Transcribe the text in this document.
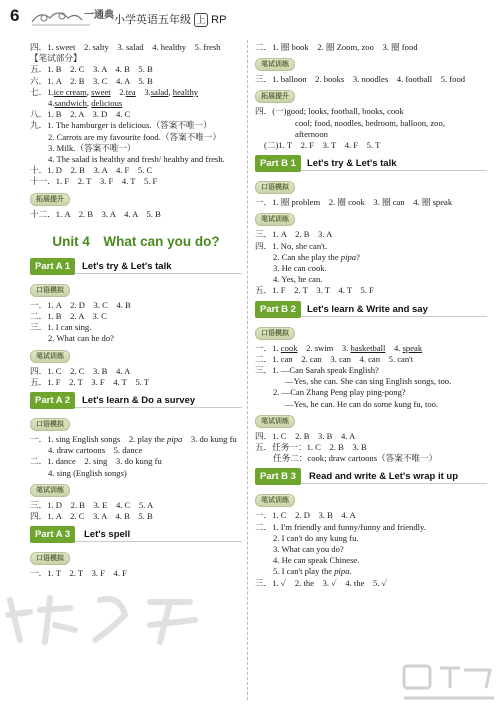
6	一通典 小学英语五年级 上 RP

四．1. sweet　2. salty　3. salad　4. healthy　5. fresh

【笔试部分】

五．1. B　2. C　3. A　4. B　5. B

六．1. A　2. B　3. C　4. A　5. B

七．1.ice cream, sweet　2.tea　3.salad, healthy

4.sandwich, delicious

八．1. B　2. A　3. D　4. C

九．1. The hamburger is delicious.（答案不唯一）

2. Carrots are my favourite food.（答案不唯一）

3. Milk.（答案不唯一）

4. The salad is healthy and fresh/ healthy and fresh.

十．1. D　2. B　3. A　4. F　5. C

十一．1. F　2. T　3. F　4. T　5. F

拓展提升

十二．1. A　2. B　3. A　4. A　5. B

Unit 4　What can you do?
Part A 1	Let's try & Let's talk
口语模拟

一．1. A　2. D　3. C　4. B

二．1. B　2. A　3. C

三．1. I can sing.

2. What can he do?

笔试训练

四．1. C　2. C　3. B　4. A

五．1. F　2. T　3. F　4. T　5. T

Part A 2	Let's learn & Do a survey
口语模拟

一．1. sing English songs　2. play the pipa　3. do kung fu

4. draw cartoons　5. dance

二．1. dance　2. sing　3. do kung fu

4. sing (English songs)

笔试训练

三．1. D　2. B　3. E　4. C　5. A

四．1. A　2. C　3. A　4. B　5. B

Part A 3	Let's spell
口语模拟

一．1. T　2. T　3. F　4. F

二．1. 圈 book　2. 圈 Zoom, zoo　3. 圈 food

笔试训练

三．1. balloon　2. books　3. noodles　4. football　5. food

拓展提升

四．(一)good; looks, football, books, cook

cool; food, noodles, bedroom, balloon, zoo,

afternoon

(二)1. T　2. F　3. T　4. F　5. T

Part B 1	Let's try & Let's talk
口语模拟

一．1. 圈 problem　2. 圈 cook　3. 圈 can　4. 圈 speak

笔试训练

三．1. A　2. B　3. A

四．1. No, she can't.

2. Can she play the pipa?

3. He can cook.

4. Yes, he can.

五．1. F　2. T　3. T　4. T　5. F

Part B 2	Let's learn & Write and say
口语模拟

一．1. cook　2. swim　3. basketball　4. speak

二．1. can　2. can　3. can　4. can　5. can't

三．1. —Can Sarah speak English?

—Yes, she can. She can sing English songs, too.

2. —Can Zhang Peng play ping-pong?

—Yes, he can. He can do some kung fu, too.

笔试训练

四．1. C　2. B　3. B　4. A

五．任务一：1. C　2. B　3. B

任务二：cook; draw cartoons（答案不唯一）

Part B 3	Read and write & Let's wrap it up
笔试训练

一．1. C　2. D　3. B　4. A

二．1. I'm friendly and funny/funny and friendly.

2. I can't do any kung fu.

3. What can you do?

4. He can speak Chinese.

5. I can't play the pipa.

三．1. ✓　2. the　3. ✓　4. the　5. ✓
